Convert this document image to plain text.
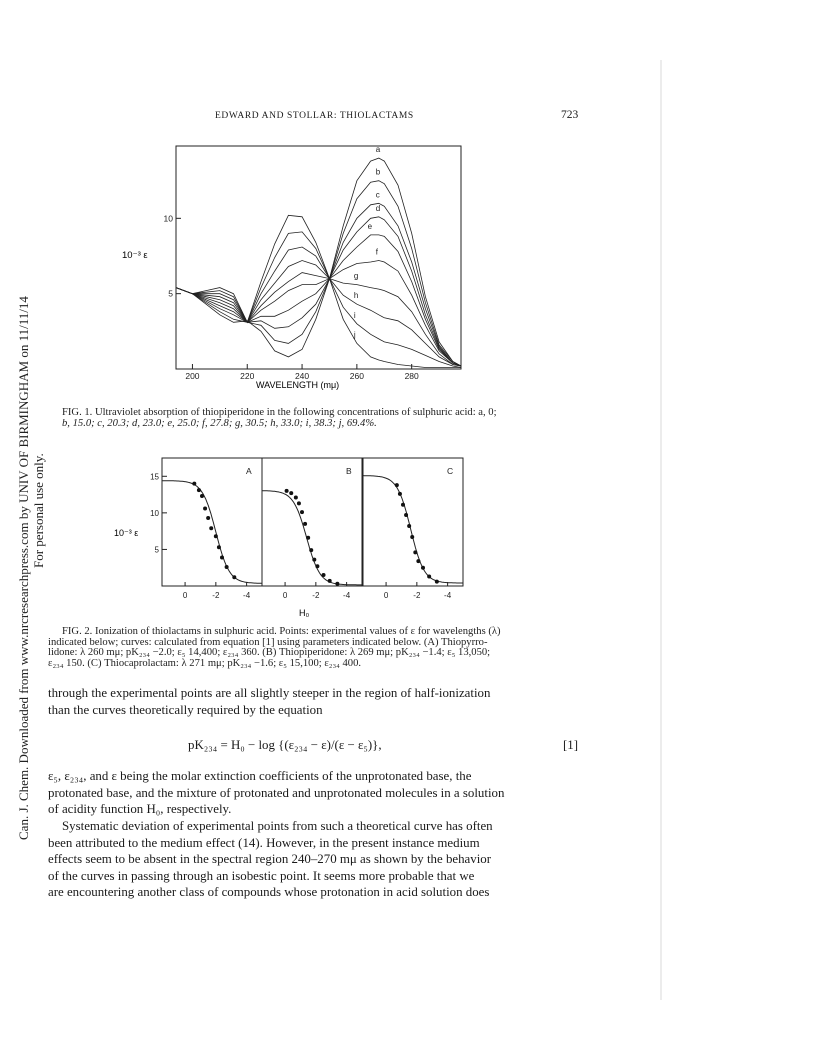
Can. J. Chem. Downloaded from www.nrcresearchpress.com by UNIV OF BIRMINGHAM on 11/11/14 For personal use only.
EDWARD AND STOLLAR: THIOLACTAMS	723
200	220	240	260	280
5
10
a
b
c
d
e
f
g
h
i
j
10⁻³ ε
WAVELENGTH (mμ)
FIG. 1. Ultraviolet absorption of thiopiperidone in the following concentrations of sulphuric acid: a, 0;
b, 15.0; c, 20.3; d, 23.0; e, 25.0; f, 27.8; g, 30.5; h, 33.0; i, 38.3; j, 69.4%.
A
0	-2	-4
5
10
15
B
0	-2	-4
C
0	-2	-4
10⁻³ ε
H₀
FIG. 2. Ionization of thiolactams in sulphuric acid. Points: experimental values of ε for wavelengths (λ)
indicated below; curves: calculated from equation [1] using parameters indicated below. (A) Thiopyrro-
lidone: λ 260 mμ; pK₂₃₄ −2.0; ε₅ 14,400; ε₂₃₄ 360. (B) Thiopiperidone: λ 269 mμ; pK₂₃₄ −1.4; ε₅ 13,050;
ε₂₃₄ 150. (C) Thiocaprolactam: λ 271 mμ; pK₂₃₄ −1.6; ε₅ 15,100; ε₂₃₄ 400.
through the experimental points are all slightly steeper in the region of half-ionization
than the curves theoretically required by the equation
pK₂₃₄ = H₀ − log {(ε₂₃₄ − ε)/(ε − ε₅)},	[1]
ε₅, ε₂₃₄, and ε being the molar extinction coefficients of the unprotonated base, the
protonated base, and the mixture of protonated and unprotonated molecules in a solution
of acidity function H₀, respectively.
Systematic deviation of experimental points from such a theoretical curve has often
been attributed to the medium effect (14). However, in the present instance medium
effects seem to be absent in the spectral region 240–270 mμ as shown by the behavior
of the curves in passing through an isobestic point. It seems more probable that we
are encountering another class of compounds whose protonation in acid solution does
